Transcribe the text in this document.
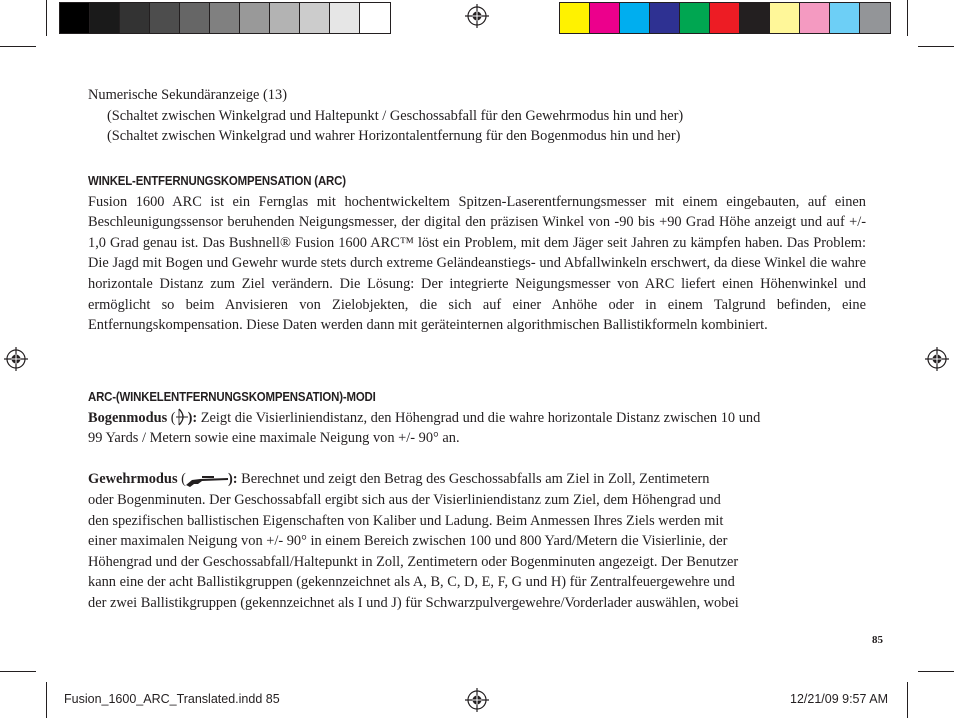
Numerische Sekundäranzeige (13)
(Schaltet zwischen Winkelgrad und Haltepunkt / Geschossabfall für den Gewehrmodus hin und her)
(Schaltet zwischen Winkelgrad und wahrer Horizontalentfernung für den Bogenmodus hin und her)
WINKEL-ENTFERNUNGSKOMPENSATION (ARC)
Fusion 1600 ARC ist ein Fernglas mit hochentwickeltem Spitzen-Laserentfernungsmesser mit einem eingebauten, auf einen Beschleunigungssensor beruhenden Neigungsmesser, der digital den präzisen Winkel von -90 bis +90 Grad Höhe anzeigt und auf +/- 1,0 Grad genau ist. Das Bushnell® Fusion 1600 ARC™ löst ein Problem, mit dem Jäger seit Jahren zu kämpfen haben. Das Problem: Die Jagd mit Bogen und Gewehr wurde stets durch extreme Geländeanstiegs- und Abfallwinkeln erschwert, da diese Winkel die wahre horizontale Distanz zum Ziel verändern. Die Lösung: Der integrierte Neigungsmesser von ARC liefert einen Höhenwinkel und ermöglicht so beim Anvisieren von Zielobjekten, die sich auf einer Anhöhe oder in einem Talgrund befinden, eine Entfernungskompensation. Diese Daten werden dann mit geräteinternen algorithmischen Ballistikformeln kombiniert.
ARC-(WINKELENTFERNUNGSKOMPENSATION)-MODI
Bogenmodus ( ): Zeigt die Visierliniendistanz, den Höhengrad und die wahre horizontale Distanz zwischen 10 und
99 Yards / Metern sowie eine maximale Neigung von +/- 90° an.

Gewehrmodus (	): Berechnet und zeigt den Betrag des Geschossabfalls am Ziel in Zoll, Zentimetern
oder Bogenminuten. Der Geschossabfall ergibt sich aus der Visierliniendistanz zum Ziel, dem Höhengrad und
den spezifischen ballistischen Eigenschaften von Kaliber und Ladung. Beim Anmessen Ihres Ziels werden mit
einer maximalen Neigung von +/- 90° in einem Bereich zwischen 100 und 800 Yard/Metern die Visierlinie, der
Höhengrad und der Geschossabfall/Haltepunkt in Zoll, Zentimetern oder Bogenminuten angezeigt. Der Benutzer
kann eine der acht Ballistikgruppen (gekennzeichnet als A, B, C, D, E, F, G und H) für Zentralfeuergewehre und
der zwei Ballistikgruppen (gekennzeichnet als I und J) für Schwarzpulvergewehre/Vorderlader auswählen, wobei
85
Fusion_1600_ARC_Translated.indd 85	12/21/09 9:57 AM
